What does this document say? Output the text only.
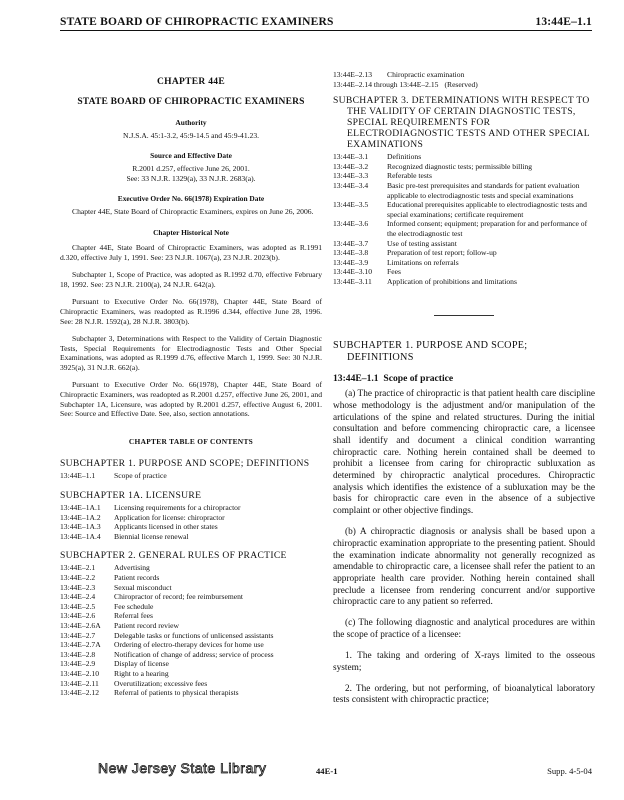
STATE BOARD OF CHIROPRACTIC EXAMINERS	13:44E–1.1
CHAPTER 44E
STATE BOARD OF CHIROPRACTIC EXAMINERS
Authority
N.J.S.A. 45:1-3.2, 45:9-14.5 and 45:9-41.23.
Source and Effective Date
R.2001 d.257, effective June 26, 2001.
See: 33 N.J.R. 1329(a), 33 N.J.R. 2683(a).
Executive Order No. 66(1978) Expiration Date

Chapter 44E, State Board of Chiropractic Examiners, expires on June 26, 2006.

Chapter Historical Note

Chapter 44E, State Board of Chiropractic Examiners, was adopted as R.1991 d.320, effective July 1, 1991. See: 23 N.J.R. 1067(a), 23 N.J.R. 2023(b).

Subchapter 1, Scope of Practice, was adopted as R.1992 d.70, effective February 18, 1992. See: 23 N.J.R. 2100(a), 24 N.J.R. 642(a).

Pursuant to Executive Order No. 66(1978), Chapter 44E, State Board of Chiropractic Examiners, was readopted as R.1996 d.344, effective June 28, 1996. See: 28 N.J.R. 1592(a), 28 N.J.R. 3803(b).

Subchapter 3, Determinations with Respect to the Validity of Certain Diagnostic Tests, Special Requirements for Electrodiagnostic Tests and Other Special Examinations, was adopted as R.1999 d.76, effective March 1, 1999. See: 30 N.J.R. 3925(a), 31 N.J.R. 662(a).

Pursuant to Executive Order No. 66(1978), Chapter 44E, State Board of Chiropractic Examiners, was readopted as R.2001 d.257, effective June 26, 2001, and Subchapter 1A, Licensure, was adopted by R.2001 d.257, effective August 6, 2001. See: Source and Effective Date. See, also, section annotations.

CHAPTER TABLE OF CONTENTS
SUBCHAPTER 1. PURPOSE AND SCOPE; DEFINITIONS
13:44E–1.1	Scope of practice
SUBCHAPTER 1A. LICENSURE
13:44E–1A.1	Licensing requirements for a chiropractor
13:44E–1A.2	Application for license: chiropractor
13:44E–1A.3	Applicants licensed in other states
13:44E–1A.4	Biennial license renewal
SUBCHAPTER 2. GENERAL RULES OF PRACTICE
13:44E–2.1	Advertising
13:44E–2.2	Patient records
13:44E–2.3	Sexual misconduct
13:44E–2.4	Chiropractor of record; fee reimbursement
13:44E–2.5	Fee schedule
13:44E–2.6	Referral fees
13:44E–2.6A	Patient record review
13:44E–2.7	Delegable tasks or functions of unlicensed assistants
13:44E–2.7A	Ordering of electro-therapy devices for home use
13:44E–2.8	Notification of change of address; service of process
13:44E–2.9	Display of license
13:44E–2.10	Right to a hearing
13:44E–2.11	Overutilization; excessive fees
13:44E–2.12	Referral of patients to physical therapists
13:44E–2.13	Chiropractic examination
13:44E–2.14 through 13:44E–2.15 (Reserved)
SUBCHAPTER 3. DETERMINATIONS WITH RESPECT TO THE VALIDITY OF CERTAIN DIAGNOSTIC TESTS, SPECIAL REQUIREMENTS FOR ELECTRODIAGNOSTIC TESTS AND OTHER SPECIAL EXAMINATIONS
13:44E–3.1	Definitions
13:44E–3.2	Recognized diagnostic tests; permissible billing
13:44E–3.3	Referable tests
13:44E–3.4	Basic pre-test prerequisites and standards for patient evaluation applicable to electrodiagnostic tests and special examinations
13:44E–3.5	Educational prerequisites applicable to electrodiagnostic tests and special examinations; certificate requirement
13:44E–3.6	Informed consent; equipment; preparation for and performance of the electrodiagnostic test
13:44E–3.7	Use of testing assistant
13:44E–3.8	Preparation of test report; follow-up
13:44E–3.9	Limitations on referrals
13:44E–3.10	Fees
13:44E–3.11	Application of prohibitions and limitations
SUBCHAPTER 1. PURPOSE AND SCOPE;
DEFINITIONS
13:44E–1.1 Scope of practice

(a) The practice of chiropractic is that patient health care discipline whose methodology is the adjustment and/or manipulation of the articulations of the spine and related structures. During the initial consultation and before commencing chiropractic care, a licensee shall identify and document a clinical condition warranting chiropractic care. Nothing herein contained shall be deemed to prohibit a licensee from caring for chiropractic subluxation as determined by chiropractic analytical procedures. Chiropractic analysis which identifies the existence of a subluxation may be the basis for chiropractic care even in the absence of a subjective complaint or other objective findings.

(b) A chiropractic diagnosis or analysis shall be based upon a chiropractic examination appropriate to the presenting patient. Should the examination indicate abnormality not generally recognized as amendable to chiropractic care, a licensee shall refer the patient to an appropriate health care provider. Nothing herein contained shall preclude a licensee from rendering concurrent and/or supportive chiropractic care to any patient so referred.

(c) The following diagnostic and analytical procedures are within the scope of practice of a licensee:

1. The taking and ordering of X-rays limited to the osseous system;

2. The ordering, but not performing, of bioanalytical laboratory tests consistent with chiropractic practice;

New Jersey State Library	44E-1	Supp. 4-5-04
